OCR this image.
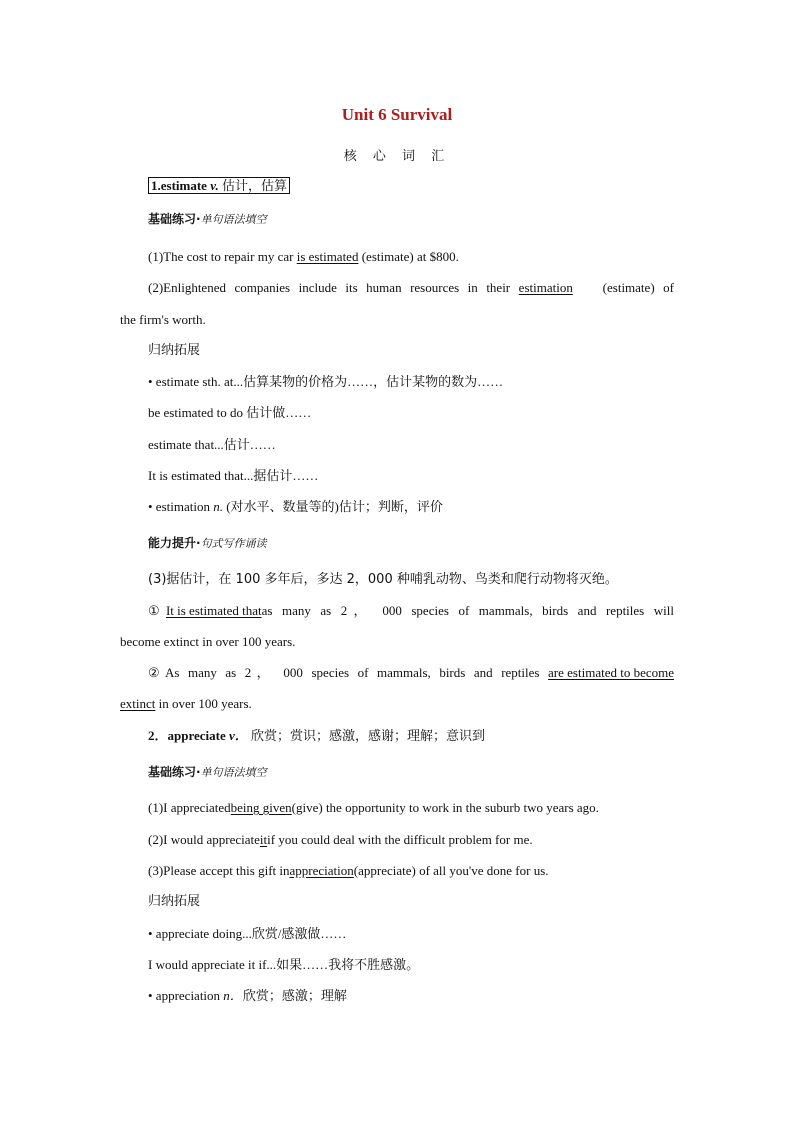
Unit 6 Survival
核 心 词 汇
1.estimate v. 估计，估算
基础练习·单句语法填空
(1)The cost to repair my car is estimated (estimate) at $800.
(2)Enlightened companies include its human resources in their estimation(estimate) of
the firm's worth.
归纳拓展
• estimate sth. at...估算某物的价格为……，估计某物的数为……
be estimated to do 估计做……
estimate that...估计……
It is estimated that...据估计……
• estimation n. (对水平、数量等的)估计；判断，评价
能力提升·句式写作诵读
(3)据估计，在 100 多年后，多达 2，000 种哺乳动物、鸟类和爬行动物将灭绝。
①It is estimated thatas many as 2， 000 species of mammals, birds and reptiles will
become extinct in over 100 years.
②As many as 2， 000 species of mammals, birds and reptiles are estimated to become
extinct in over 100 years.
2．appreciate v． 欣赏；赏识；感激，感谢；理解；意识到
基础练习·单句语法填空
(1)I appreciatedbeing given(give) the opportunity to work in the suburb two years ago.
(2)I would appreciateitif you could deal with the difficult problem for me.
(3)Please accept this gift inappreciation(appreciate) of all you've done for us.
归纳拓展
• appreciate doing...欣赏/感激做……
I would appreciate it if...如果……我将不胜感激。
• appreciation n．欣赏；感激；理解
